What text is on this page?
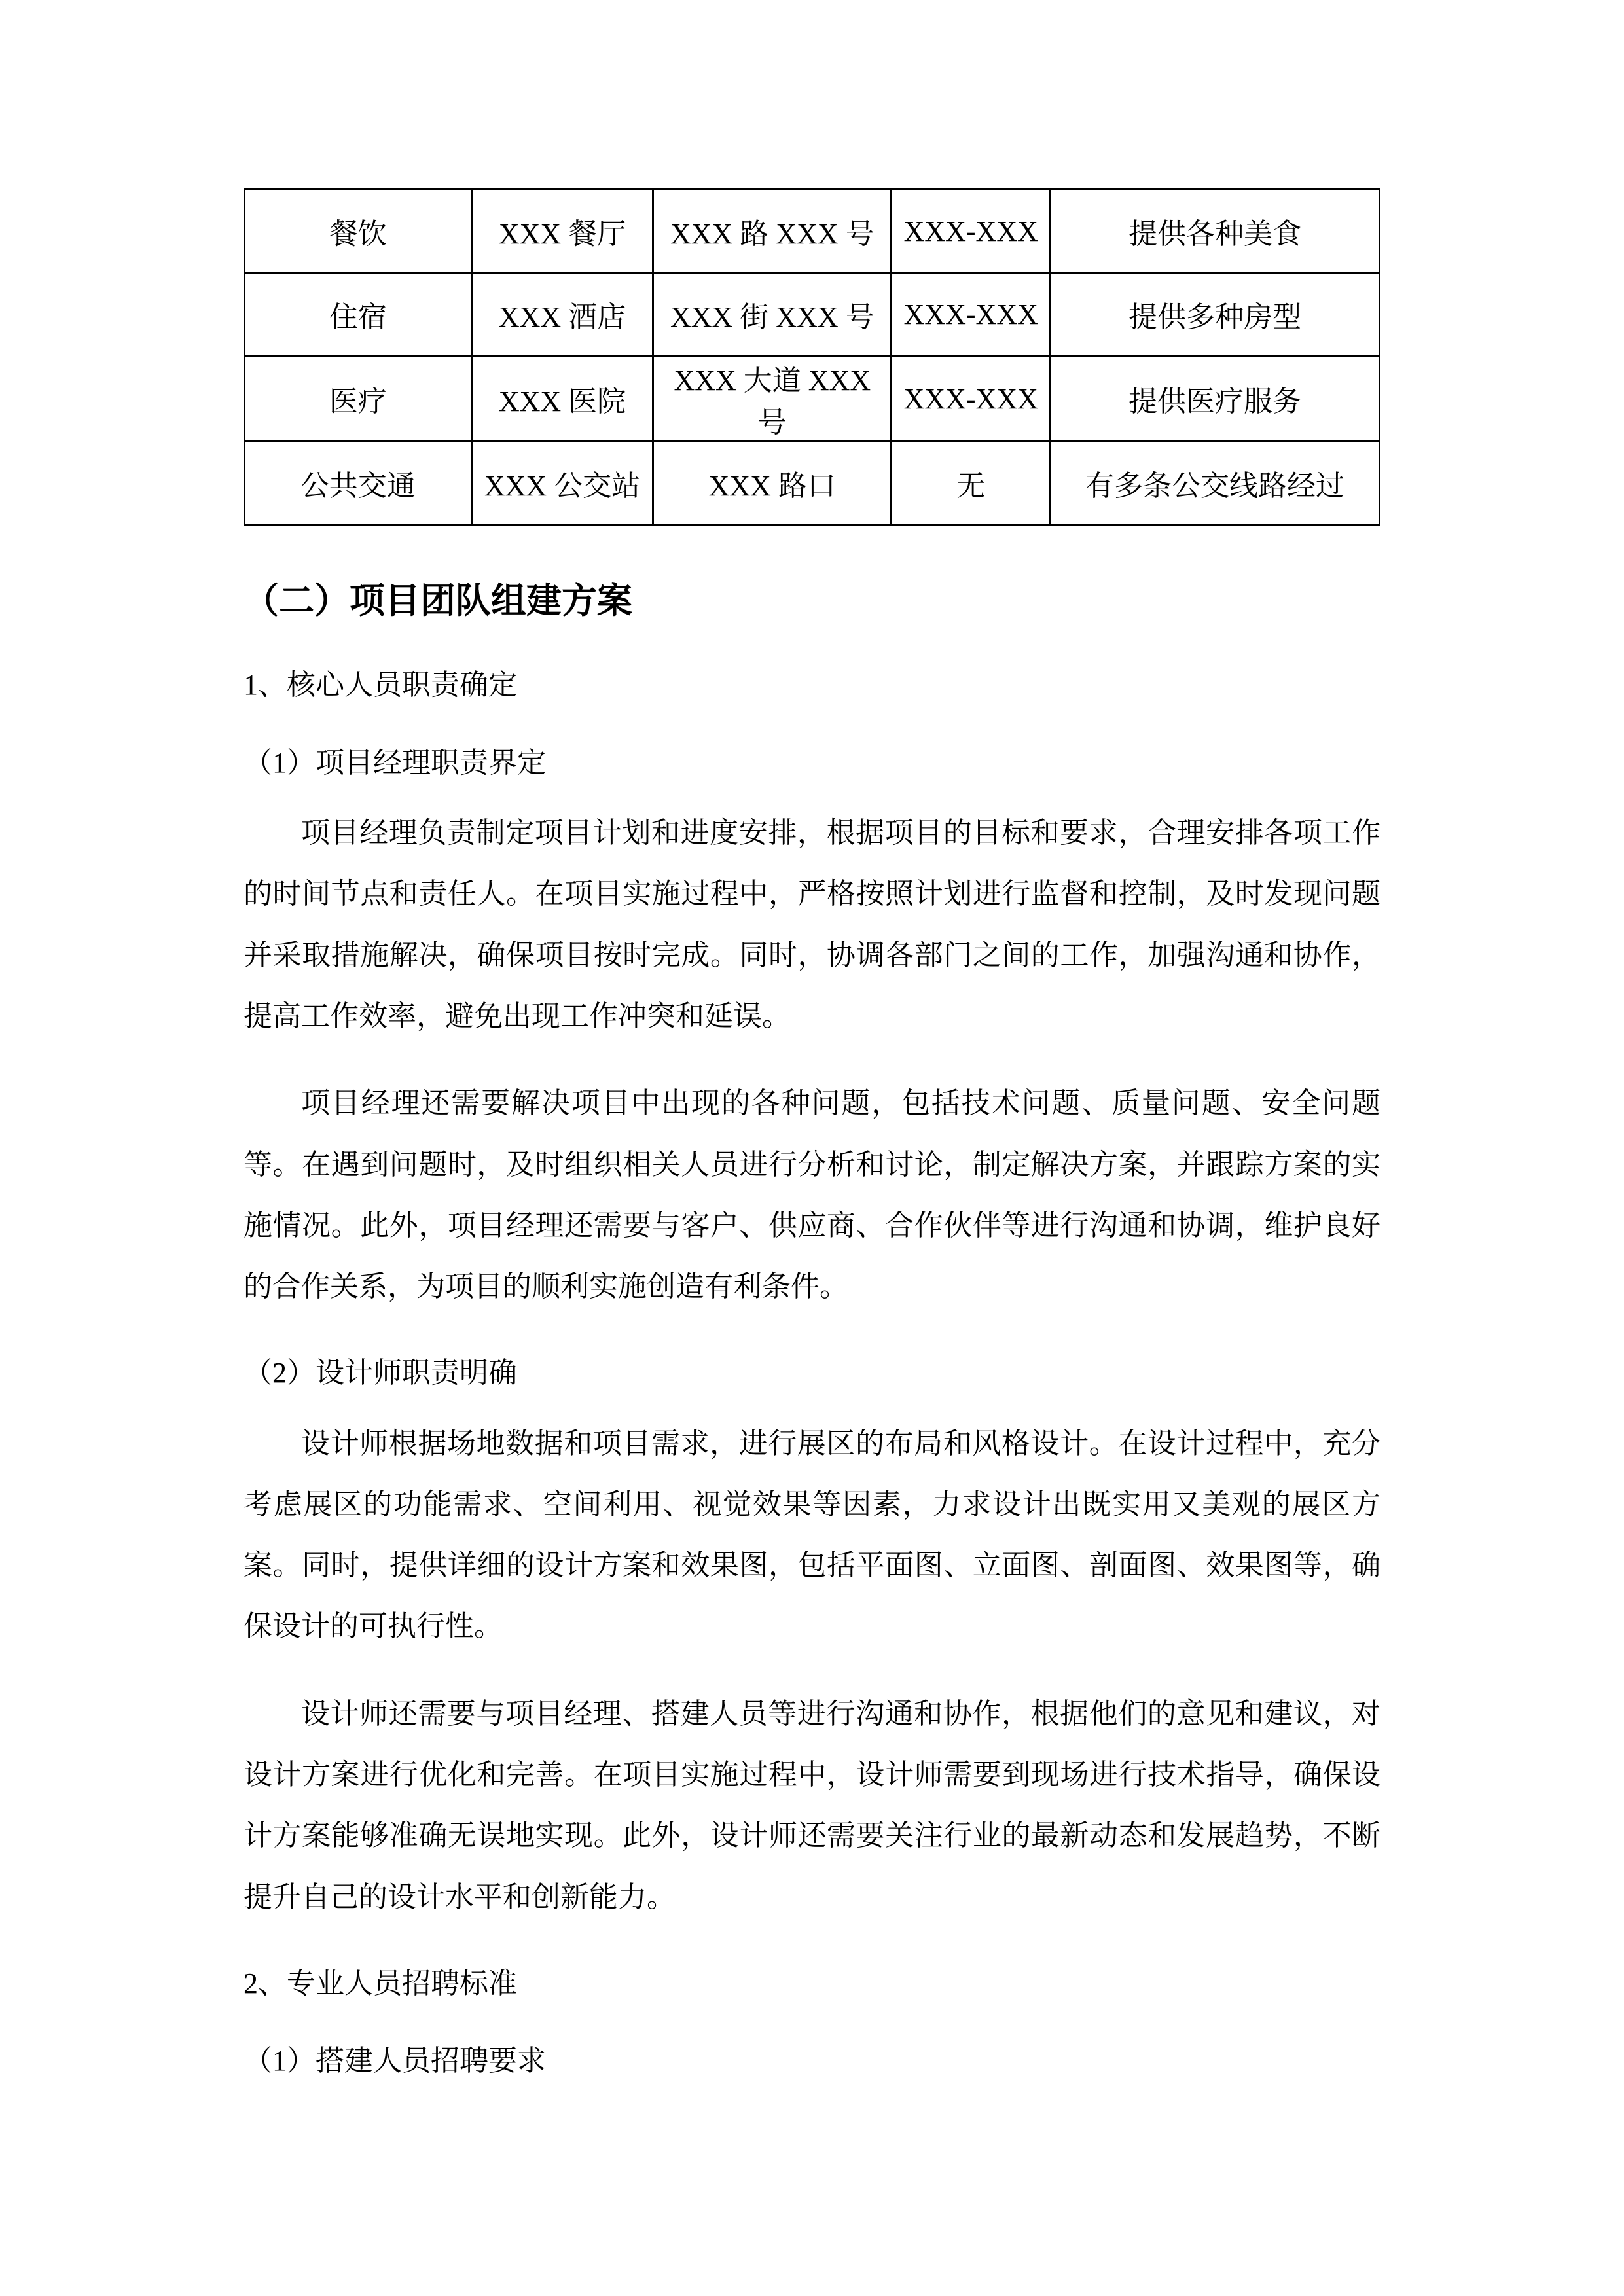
餐饮	XXX 餐厅	XXX 路 XXX 号	XXX-XXX	提供各种美食
住宿	XXX 酒店	XXX 街 XXX 号	XXX-XXX	提供多种房型
医疗	XXX 医院	XXX 大道 XXX 号	XXX-XXX	提供医疗服务
公共交通	XXX 公交站	XXX 路口	无	有多条公交线路经过
（二）项目团队组建方案
1、核心人员职责确定
（1）项目经理职责界定
项目经理负责制定项目计划和进度安排，根据项目的目标和要求，合理安排各项工作的时间节点和责任人。在项目实施过程中，严格按照计划进行监督和控制，及时发现问题并采取措施解决，确保项目按时完成。同时，协调各部门之间的工作，加强沟通和协作，提高工作效率，避免出现工作冲突和延误。
项目经理还需要解决项目中出现的各种问题，包括技术问题、质量问题、安全问题等。在遇到问题时，及时组织相关人员进行分析和讨论，制定解决方案，并跟踪方案的实施情况。此外，项目经理还需要与客户、供应商、合作伙伴等进行沟通和协调，维护良好的合作关系，为项目的顺利实施创造有利条件。
（2）设计师职责明确
设计师根据场地数据和项目需求，进行展区的布局和风格设计。在设计过程中，充分考虑展区的功能需求、空间利用、视觉效果等因素，力求设计出既实用又美观的展区方案。同时，提供详细的设计方案和效果图，包括平面图、立面图、剖面图、效果图等，确保设计的可执行性。
设计师还需要与项目经理、搭建人员等进行沟通和协作，根据他们的意见和建议，对设计方案进行优化和完善。在项目实施过程中，设计师需要到现场进行技术指导，确保设计方案能够准确无误地实现。此外，设计师还需要关注行业的最新动态和发展趋势，不断提升自己的设计水平和创新能力。
2、专业人员招聘标准
（1）搭建人员招聘要求
